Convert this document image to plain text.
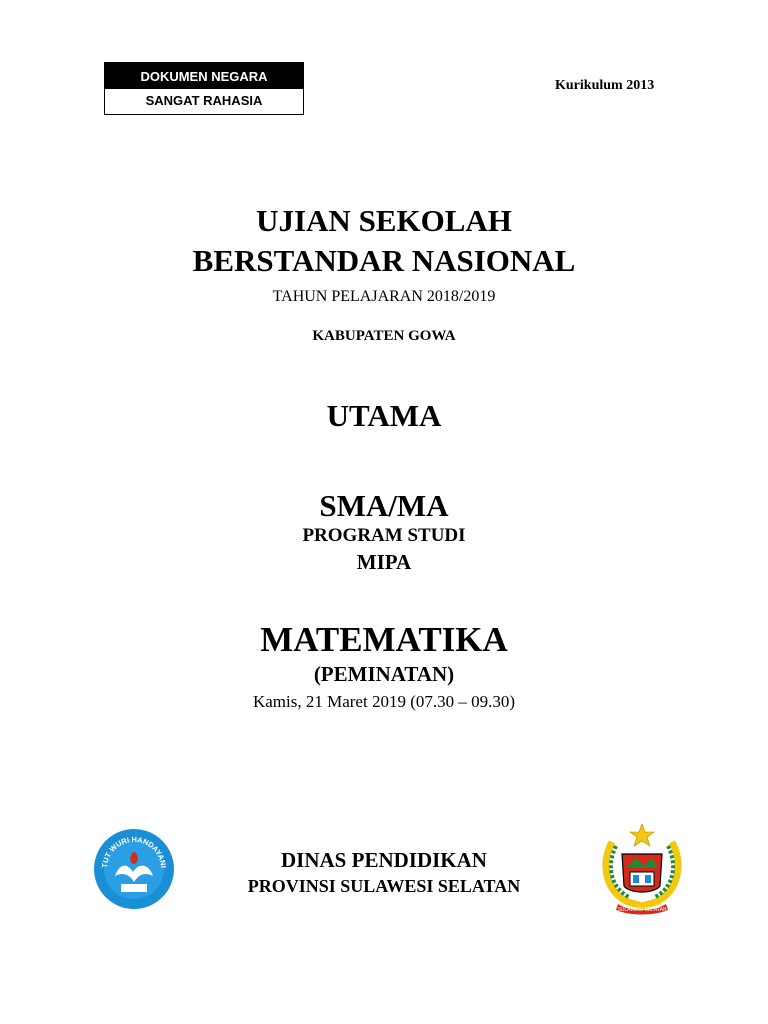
DOKUMEN NEGARA
SANGAT RAHASIA
Kurikulum 2013
UJIAN SEKOLAH
BERSTANDAR NASIONAL
TAHUN PELAJARAN 2018/2019
KABUPATEN GOWA
UTAMA
SMA/MA
PROGRAM STUDI
MIPA
MATEMATIKA
(PEMINATAN)
Kamis, 21 Maret 2019 (07.30 – 09.30)
DINAS PENDIDIKAN
PROVINSI SULAWESI SELATAN
TUT WURI HANDAYANI
SULAWESI SELATAN
